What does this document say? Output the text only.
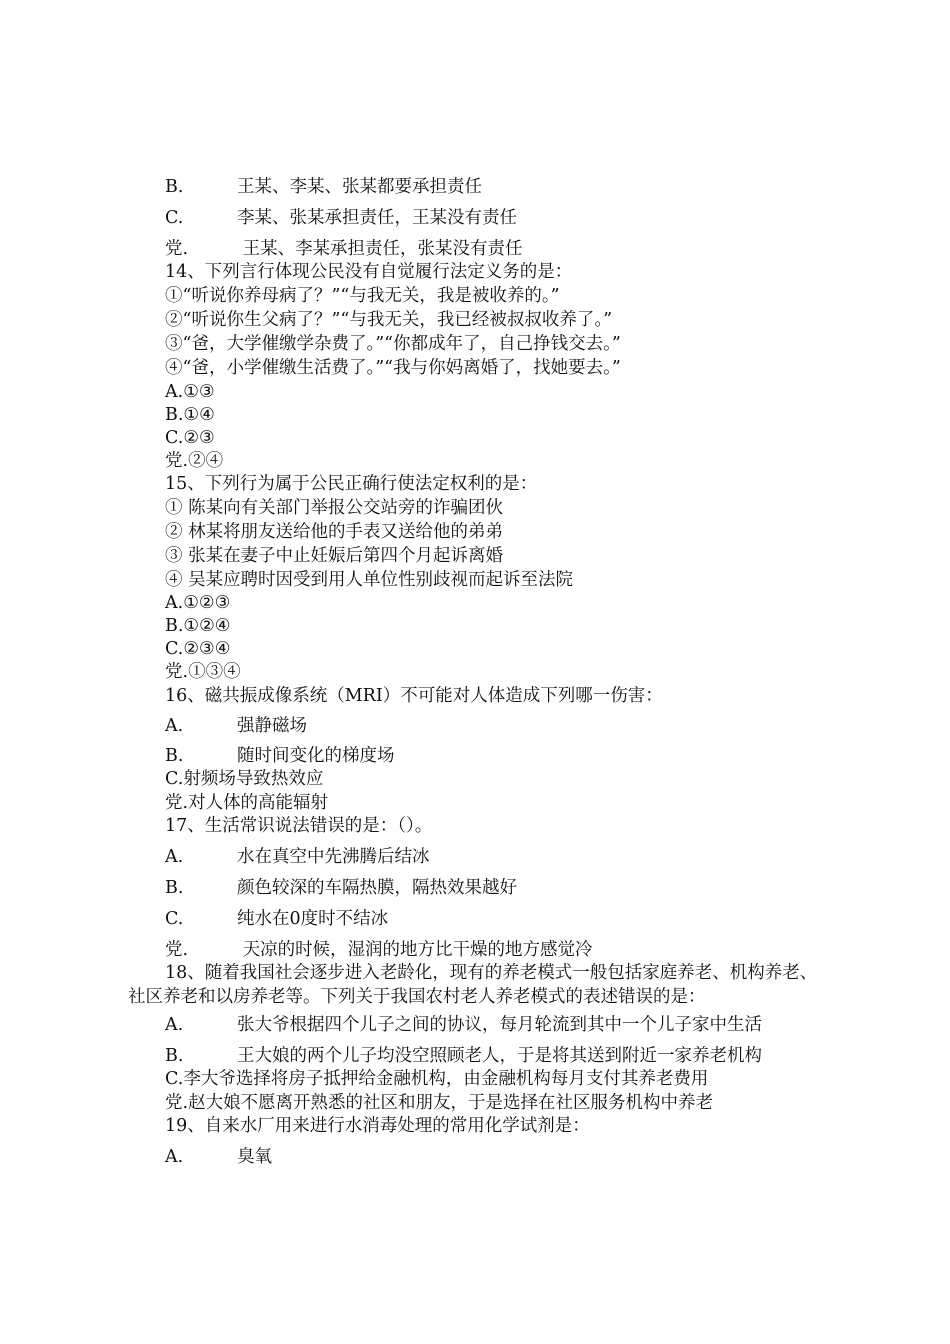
B.	王某、李某、张某都要承担责任
C.	李某、张某承担责任，王某没有责任
党.	王某、李某承担责任，张某没有责任
14、下列言行体现公民没有自觉履行法定义务的是：
①“听说你养母病了？”“与我无关，我是被收养的。”
②“听说你生父病了？”“与我无关，我已经被叔叔收养了。”
③“爸，大学催缴学杂费了。”“你都成年了，自己挣钱交去。”
④“爸，小学催缴生活费了。”“我与你妈离婚了，找她要去。”
A.①③
B.①④
C.②③
党.②④
15、下列行为属于公民正确行使法定权利的是：
① 陈某向有关部门举报公交站旁的诈骗团伙
② 林某将朋友送给他的手表又送给他的弟弟
③ 张某在妻子中止妊娠后第四个月起诉离婚
④ 吴某应聘时因受到用人单位性别歧视而起诉至法院
A.①②③
B.①②④
C.②③④
党.①③④
16、磁共振成像系统（MRI）不可能对人体造成下列哪一伤害：
A.	强静磁场
B.	随时间变化的梯度场
C.射频场导致热效应
党.对人体的高能辐射
17、生活常识说法错误的是：（）。
A.	水在真空中先沸腾后结冰
B.	颜色较深的车隔热膜，隔热效果越好
C.	纯水在0度时不结冰
党.	天凉的时候，湿润的地方比干燥的地方感觉冷
18、随着我国社会逐步进入老龄化，现有的养老模式一般包括家庭养老、机构养老、社区养老和以房养老等。下列关于我国农村老人养老模式的表述错误的是：
A.	张大爷根据四个儿子之间的协议，每月轮流到其中一个儿子家中生活
B.	王大娘的两个儿子均没空照顾老人，于是将其送到附近一家养老机构
C.李大爷选择将房子抵押给金融机构，由金融机构每月支付其养老费用
党.赵大娘不愿离开熟悉的社区和朋友，于是选择在社区服务机构中养老
19、自来水厂用来进行水消毒处理的常用化学试剂是：
A.	臭氧
